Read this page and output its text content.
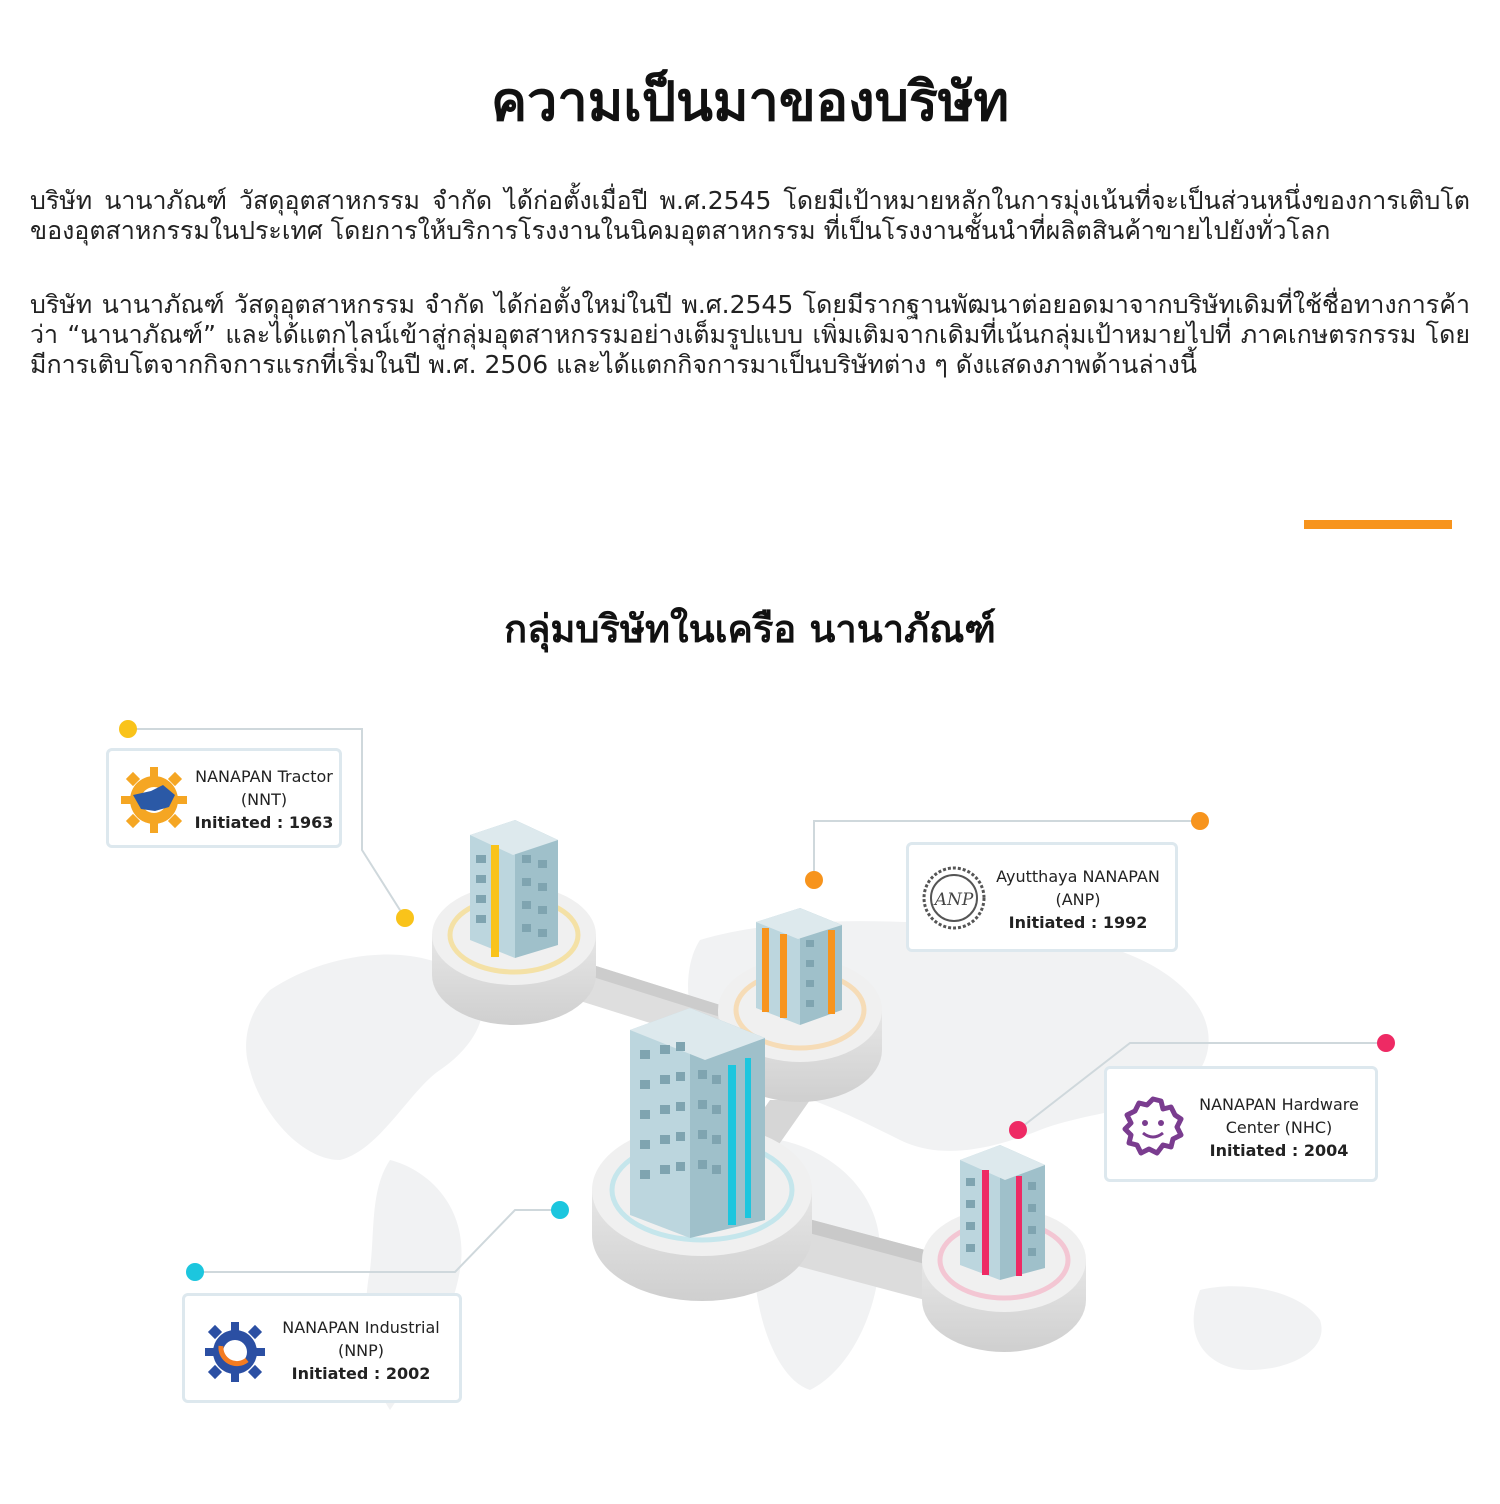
ความเป็นมาของบริษัท

บริษัท นานาภัณฑ์ วัสดุอุตสาหกรรม จำกัด ได้ก่อตั้งเมื่อปี พ.ศ.2545 โดยมีเป้าหมายหลักในการมุ่งเน้นที่จะเป็นส่วนหนึ่งของการเติบโตของอุตสาหกรรมในประเทศ โดยการให้บริการโรงงานในนิคมอุตสาหกรรม ที่เป็นโรงงานชั้นนำที่ผลิตสินค้าขายไปยังทั่วโลก

บริษัท นานาภัณฑ์ วัสดุอุตสาหกรรม จำกัด ได้ก่อตั้งใหม่ในปี พ.ศ.2545 โดยมีรากฐานพัฒนาต่อยอดมาจากบริษัทเดิมที่ใช้ชื่อทางการค้าว่า “นานาภัณฑ์” และได้แตกไลน์เข้าสู่กลุ่มอุตสาหกรรมอย่างเต็มรูปแบบ เพิ่มเติมจากเดิมที่เน้นกลุ่มเป้าหมายไปที่ ภาคเกษตรกรรม โดยมีการเติบโตจากกิจการแรกที่เริ่มในปี พ.ศ. 2506 และได้แตกกิจการมาเป็นบริษัทต่าง ๆ ดังแสดงภาพด้านล่างนี้

กลุ่มบริษัทในเครือ นานาภัณฑ์
NANAPAN Tractor
(NNT)
Initiated : 1963
ANP
Ayutthaya NANAPAN
(ANP)
Initiated : 1992
NANAPAN Hardware
Center (NHC)
Initiated : 2004
NANAPAN Industrial
(NNP)
Initiated : 2002
